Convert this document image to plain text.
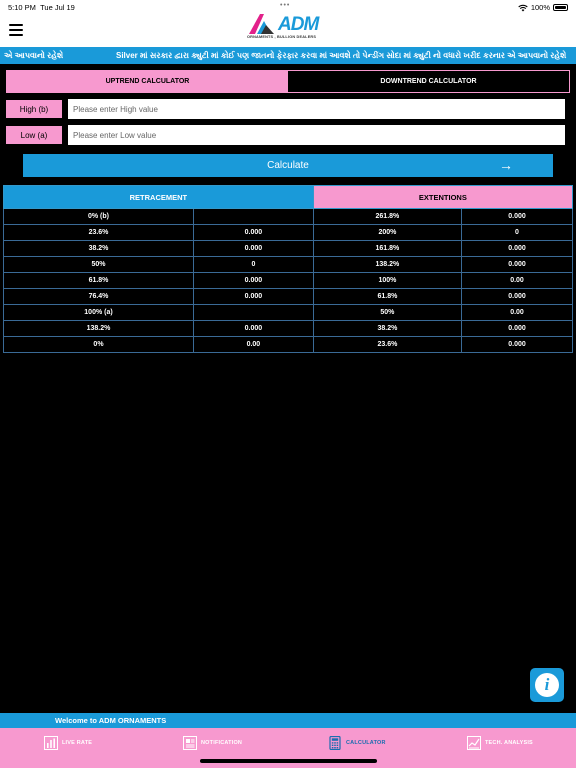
5:10 PM Tue Jul 19	•••	100%
ADM
ORNAMENTS , BULLION DEALERS
એ આપવાનો રહેશે	Silver માં સરકાર દ્વારા ક્યુટી માં કોઈ પણ જાતનો ફેરફાર કરવા માં આવશે તો પેન્ડીંગ સોદા માં ક્યુટી નો વધારો ખરીદ કરનાર એ આપવાનો રહેશે
UPTREND CALCULATOR	DOWNTREND CALCULATOR
High (b)
Please enter High value
Low (a)
Please enter Low value
Calculate	→
RETRACEMENT		EXTENTIONS	
0% (b)		261.8%	0.000
23.6%	0.000	200%	0
38.2%	0.000	161.8%	0.000
50%	0	138.2%	0.000
61.8%	0.000	100%	0.00
76.4%	0.000	61.8%	0.000
100% (a)		50%	0.00
138.2%	0.000	38.2%	0.000
0%	0.00	23.6%	0.000
i
Welcome to ADM ORNAMENTS
LIVE RATE	NOTIFICATION	CALCULATOR	TECH. ANALYSIS
